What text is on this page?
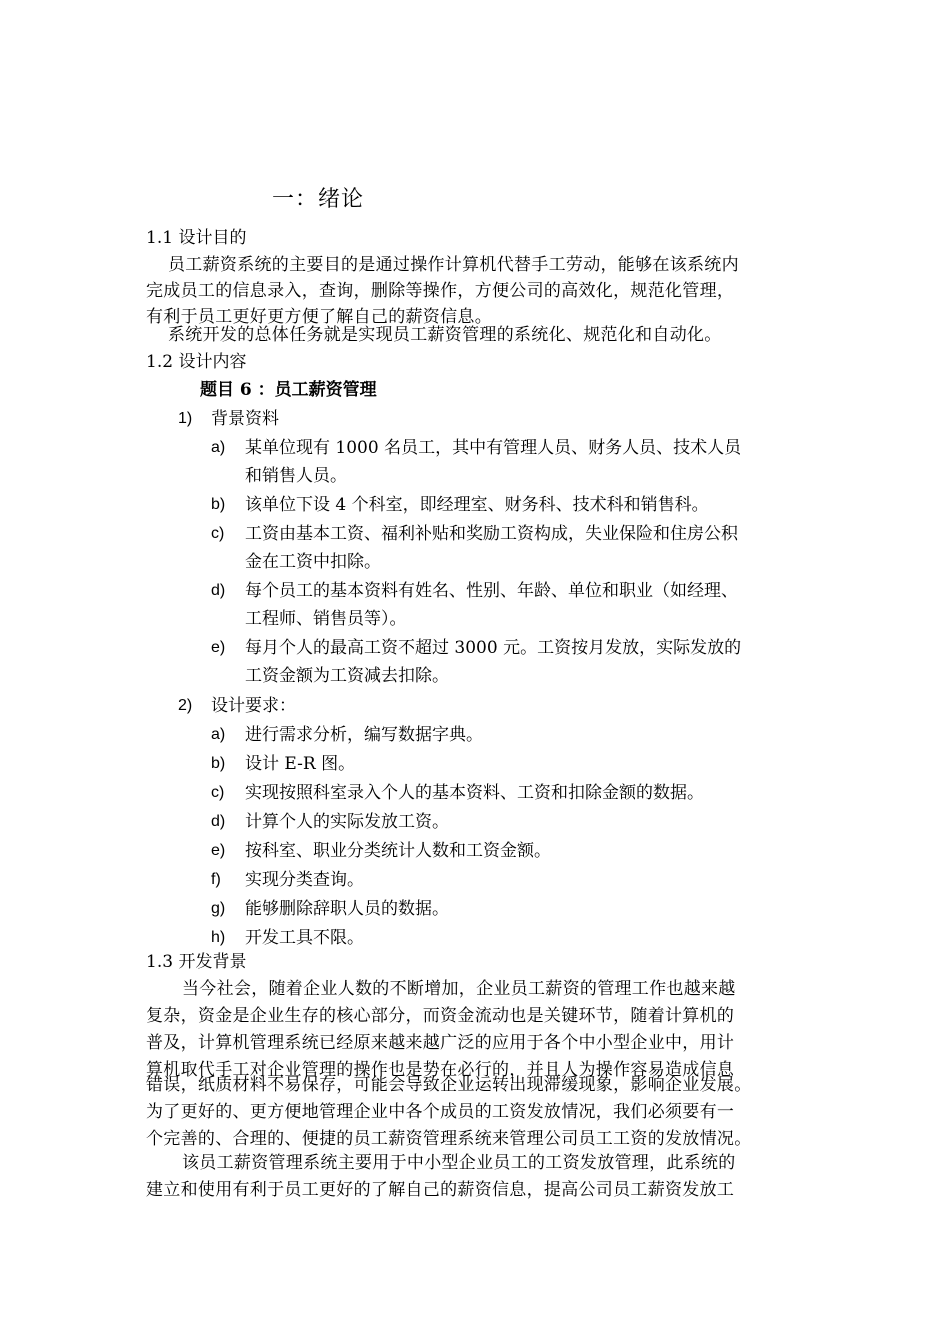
一：绪论
1.1 设计目的
员工薪资系统的主要目的是通过操作计算机代替手工劳动，能够在该系统内
完成员工的信息录入，查询，删除等操作，方便公司的高效化，规范化管理，
有利于员工更好更方便了解自己的薪资信息。
系统开发的总体任务就是实现员工薪资管理的系统化、规范化和自动化。
1.2 设计内容
题目 6 ：员工薪资管理
1) 背景资料
a) 某单位现有 1000 名员工，其中有管理人员、财务人员、技术人员
和销售人员。
b) 该单位下设 4 个科室，即经理室、财务科、技术科和销售科。
c) 工资由基本工资、福利补贴和奖励工资构成，失业保险和住房公积
金在工资中扣除。
d) 每个员工的基本资料有姓名、性别、年龄、单位和职业（如经理、
工程师、销售员等）。
e) 每月个人的最高工资不超过 3000 元。工资按月发放，实际发放的
工资金额为工资减去扣除。
2) 设计要求：
a) 进行需求分析，编写数据字典。
b) 设计 E-R 图。
c) 实现按照科室录入个人的基本资料、工资和扣除金额的数据。
d) 计算个人的实际发放工资。
e) 按科室、职业分类统计人数和工资金额。
f) 实现分类查询。
g) 能够删除辞职人员的数据。
h) 开发工具不限。
1.3 开发背景
当今社会，随着企业人数的不断增加，企业员工薪资的管理工作也越来越
复杂，资金是企业生存的核心部分，而资金流动也是关键环节，随着计算机的
普及，计算机管理系统已经原来越来越广泛的应用于各个中小型企业中，用计
算机取代手工对企业管理的操作也是势在必行的，并且人为操作容易造成信息
错误，纸质材料不易保存，可能会导致企业运转出现滞缓现象，影响企业发展。
为了更好的、更方便地管理企业中各个成员的工资发放情况，我们必须要有一
个完善的、合理的、便捷的员工薪资管理系统来管理公司员工工资的发放情况。
该员工薪资管理系统主要用于中小型企业员工的工资发放管理，此系统的
建立和使用有利于员工更好的了解自己的薪资信息，提高公司员工薪资发放工
